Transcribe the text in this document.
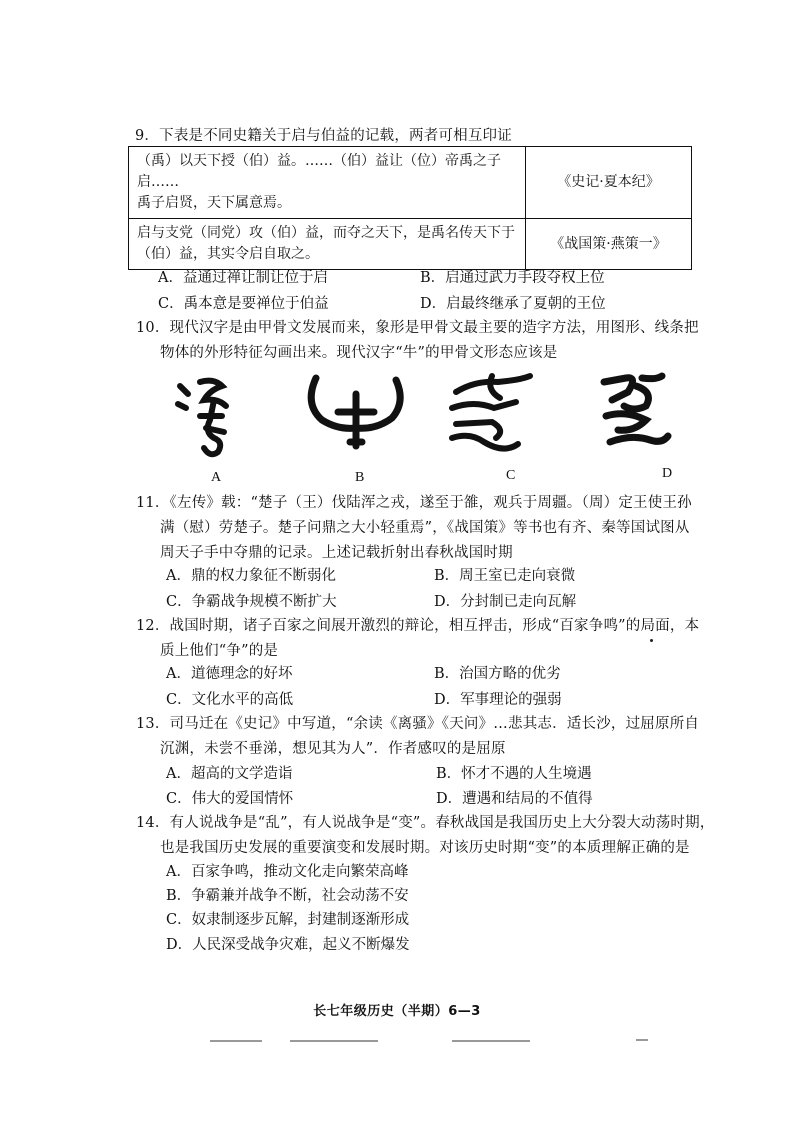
9．下表是不同史籍关于启与伯益的记载，两者可相互印证
（禹）以天下授（伯）益。……（伯）益让（位）帝禹之子启……
禹子启贤，天下属意焉。	《史记·夏本纪》

启与支党（同党）攻（伯）益，而夺之天下，是禹名传天下于
（伯）益，其实令启自取之。	《战国策·燕策一》
A．益通过禅让制让位于启	B．启通过武力手段夺权上位
C．禹本意是要禅位于伯益	D．启最终继承了夏朝的王位
10．现代汉字是由甲骨文发展而来，象形是甲骨文最主要的造字方法，用图形、线条把
物体的外形特征勾画出来。现代汉字“牛”的甲骨文形态应该是
A	B	C	D
11．《左传》载：“楚子（王）伐陆浑之戎，遂至于雒，观兵于周疆。（周）定王使王孙
满（慰）劳楚子。楚子问鼎之大小轻重焉”，《战国策》等书也有齐、秦等国试图从
周天子手中夺鼎的记录。上述记载折射出春秋战国时期
A．鼎的权力象征不断弱化	B．周王室已走向衰微
C．争霸战争规模不断扩大	D．分封制已走向瓦解
12．战国时期，诸子百家之间展开激烈的辩论，相互抨击，形成“百家争鸣”的局面，本
质上他们“争”的是
A．道德理念的好坏	B．治国方略的优劣
C．文化水平的高低	D．军事理论的强弱
13．司马迁在《史记》中写道，“余读《离骚》《天问》…悲其志．适长沙，过屈原所自
沉渊，未尝不垂涕，想见其为人”．作者感叹的是屈原
A．超高的文学造诣	B．怀才不遇的人生境遇
C．伟大的爱国情怀	D．遭遇和结局的不值得
14．有人说战争是“乱”，有人说战争是“变”。春秋战国是我国历史上大分裂大动荡时期，
也是我国历史发展的重要演变和发展时期。对该历史时期“变”的本质理解正确的是
A．百家争鸣，推动文化走向繁荣高峰
B．争霸兼并战争不断，社会动荡不安
C．奴隶制逐步瓦解，封建制逐渐形成
D．人民深受战争灾难，起义不断爆发
长七年级历史（半期）6—3
